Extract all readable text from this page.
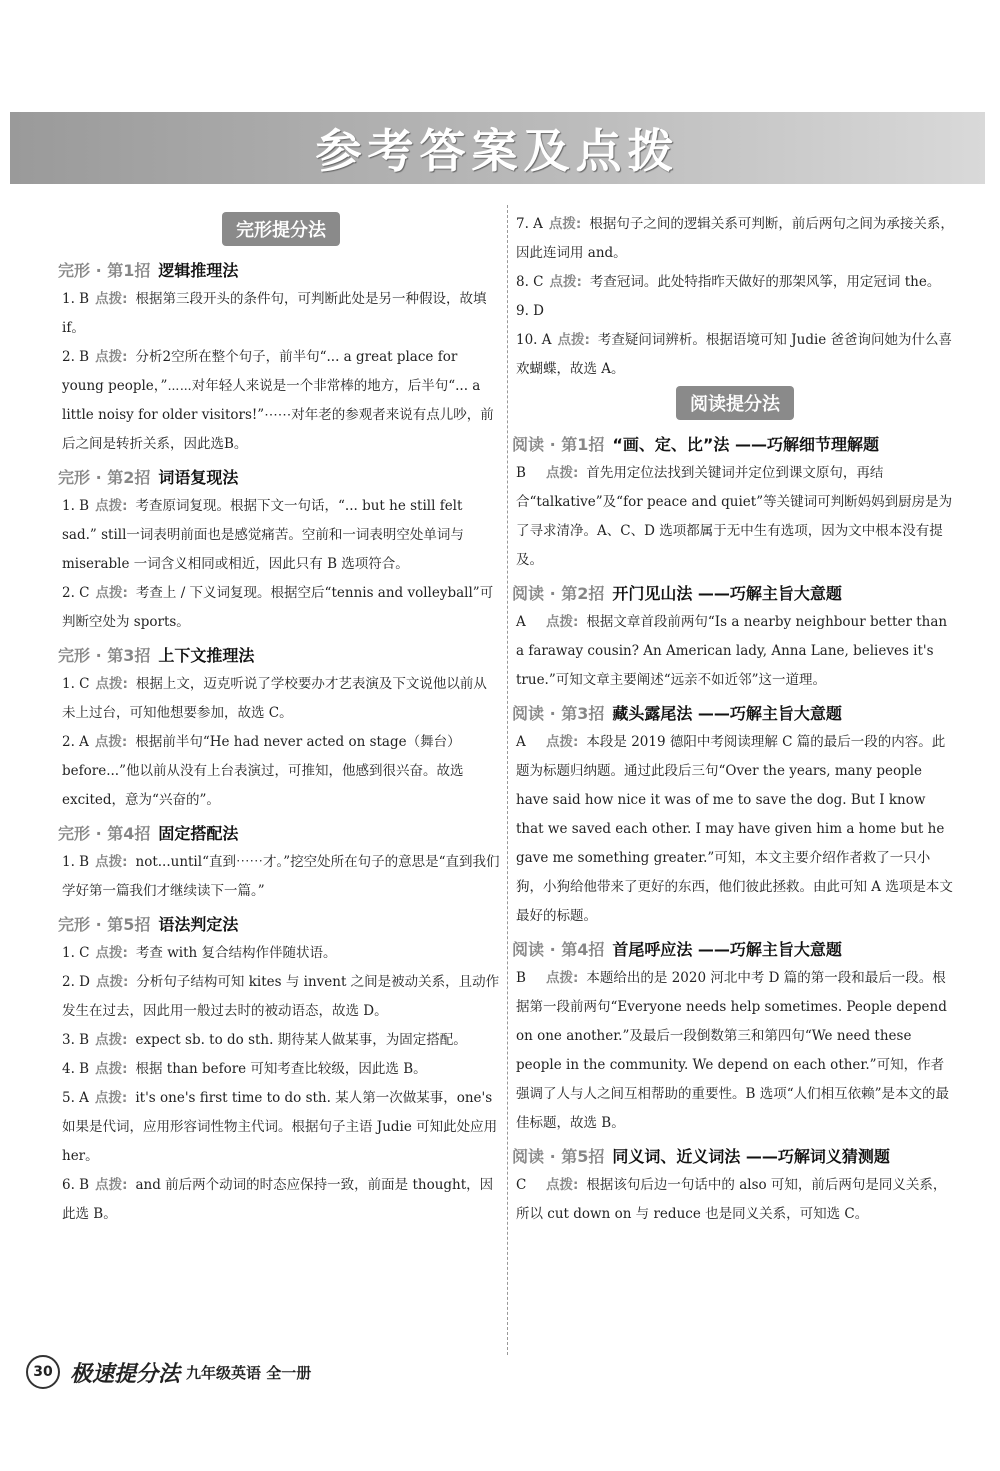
参考答案及点拨
完形提分法
完形 · 第1招 逻辑推理法

1. B 点拨: 根据第三段开头的条件句，可判断此处是另一种假设，故填 if。

2. B 点拨: 分析2空所在整个句子，前半句“... a great place for young people，”⋯⋯对年轻人来说是一个非常棒的地方，后半句“... a little noisy for older visitors!”⋯⋯对年老的参观者来说有点儿吵，前后之间是转折关系，因此选B。

完形 · 第2招 词语复现法

1. B 点拨: 考查原词复现。根据下文一句话，“... but he still felt sad.” still一词表明前面也是感觉痛苦。空前和一词表明空处单词与 miserable 一词含义相同或相近，因此只有 B 选项符合。

2. C 点拨: 考查上 / 下义词复现。根据空后“tennis and volleyball”可判断空处为 sports。

完形 · 第3招 上下文推理法

1. C 点拨: 根据上文，迈克听说了学校要办才艺表演及下文说他以前从未上过台，可知他想要参加，故选 C。

2. A 点拨: 根据前半句“He had never acted on stage（舞台）before...”他以前从没有上台表演过，可推知，他感到很兴奋。故选 excited，意为“兴奋的”。

完形 · 第4招 固定搭配法

1. B 点拨: not...until“直到⋯⋯才。”挖空处所在句子的意思是“直到我们学好第一篇我们才继续读下一篇。”

完形 · 第5招 语法判定法

1. C 点拨: 考查 with 复合结构作伴随状语。

2. D 点拨: 分析句子结构可知 kites 与 invent 之间是被动关系，且动作发生在过去，因此用一般过去时的被动语态，故选 D。

3. B 点拨: expect sb. to do sth. 期待某人做某事，为固定搭配。

4. B 点拨: 根据 than before 可知考查比较级，因此选 B。

5. A 点拨: it's one's first time to do sth. 某人第一次做某事，one's 如果是代词，应用形容词性物主代词。根据句子主语 Judie 可知此处应用 her。

6. B 点拨: and 前后两个动词的时态应保持一致，前面是 thought，因此选 B。

7. A 点拨: 根据句子之间的逻辑关系可判断，前后两句之间为承接关系，因此连词用 and。

8. C 点拨: 考查冠词。此处特指昨天做好的那架风筝，用定冠词 the。

9. D

10. A 点拨: 考查疑问词辨析。根据语境可知 Judie 爸爸询问她为什么喜欢蝴蝶，故选 A。

阅读提分法
阅读 · 第1招 “画、定、比”法 ——巧解细节理解题

B 点拨: 首先用定位法找到关键词并定位到课文原句，再结合“talkative”及“for peace and quiet”等关键词可判断妈妈到厨房是为了寻求清净。A、C、D 选项都属于无中生有选项，因为文中根本没有提及。

阅读 · 第2招 开门见山法 ——巧解主旨大意题

A 点拨: 根据文章首段前两句“Is a nearby neighbour better than a faraway cousin? An American lady, Anna Lane, believes it's true.”可知文章主要阐述“远亲不如近邻”这一道理。

阅读 · 第3招 藏头露尾法 ——巧解主旨大意题

A 点拨: 本段是 2019 德阳中考阅读理解 C 篇的最后一段的内容。此题为标题归纳题。通过此段后三句“Over the years, many people have said how nice it was of me to save the dog. But I know that we saved each other. I may have given him a home but he gave me something greater.”可知，本文主要介绍作者救了一只小狗，小狗给他带来了更好的东西，他们彼此拯救。由此可知 A 选项是本文最好的标题。

阅读 · 第4招 首尾呼应法 ——巧解主旨大意题

B 点拨: 本题给出的是 2020 河北中考 D 篇的第一段和最后一段。根据第一段前两句“Everyone needs help sometimes. People depend on one another.”及最后一段倒数第三和第四句“We need these people in the community. We depend on each other.”可知，作者强调了人与人之间互相帮助的重要性。B 选项“人们相互依赖”是本文的最佳标题，故选 B。

阅读 · 第5招 同义词、近义词法 ——巧解词义猜测题

C 点拨: 根据该句后边一句话中的 also 可知，前后两句是同义关系，所以 cut down on 与 reduce 也是同义关系，可知选 C。

30 极速提分法 九年级英语 全一册
